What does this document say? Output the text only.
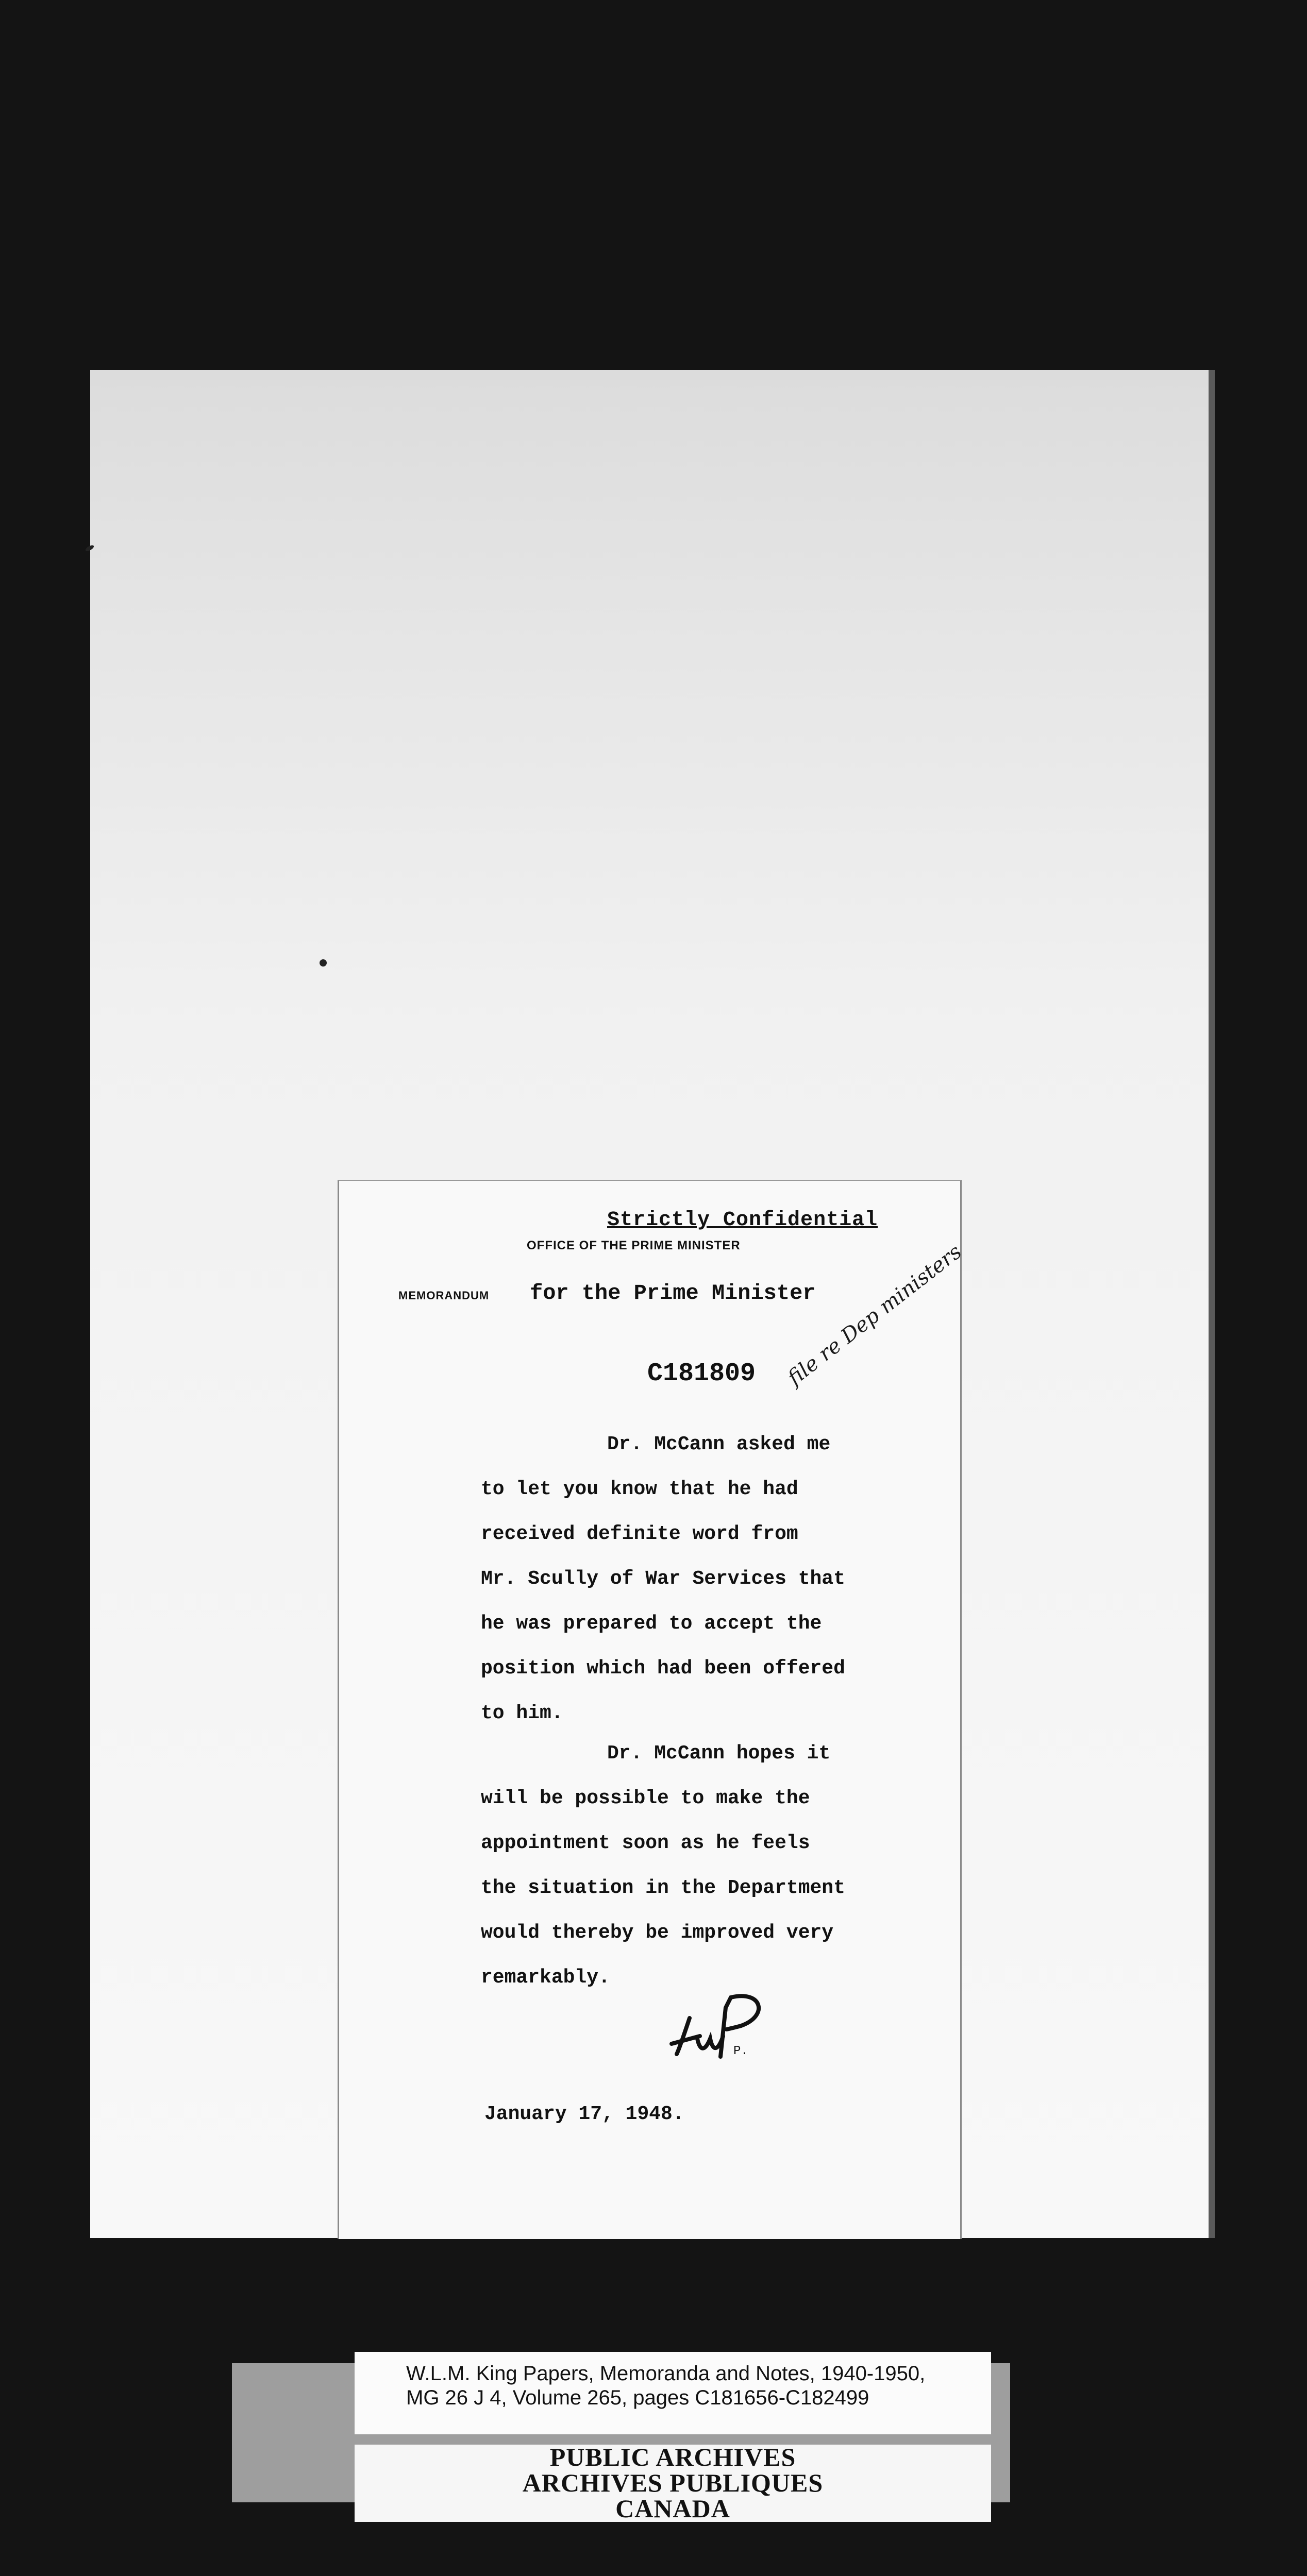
Strictly Confidential
OFFICE OF THE PRIME MINISTER
MEMORANDUM for the Prime Minister
C181809 file re Dep ministers
Dr. McCann asked me
to let you know that he had
received definite word from
Mr. Scully of War Services that
he was prepared to accept the
position which had been offered
to him.
Dr. McCann hopes it
will be possible to make the
appointment soon as he feels
the situation in the Department
would thereby be improved very
remarkably.
P.
January 17, 1948.
W.L.M. King Papers, Memoranda and Notes, 1940-1950,
MG 26 J 4, Volume 265, pages C181656-C182499
PUBLIC ARCHIVES
ARCHIVES PUBLIQUES
CANADA
